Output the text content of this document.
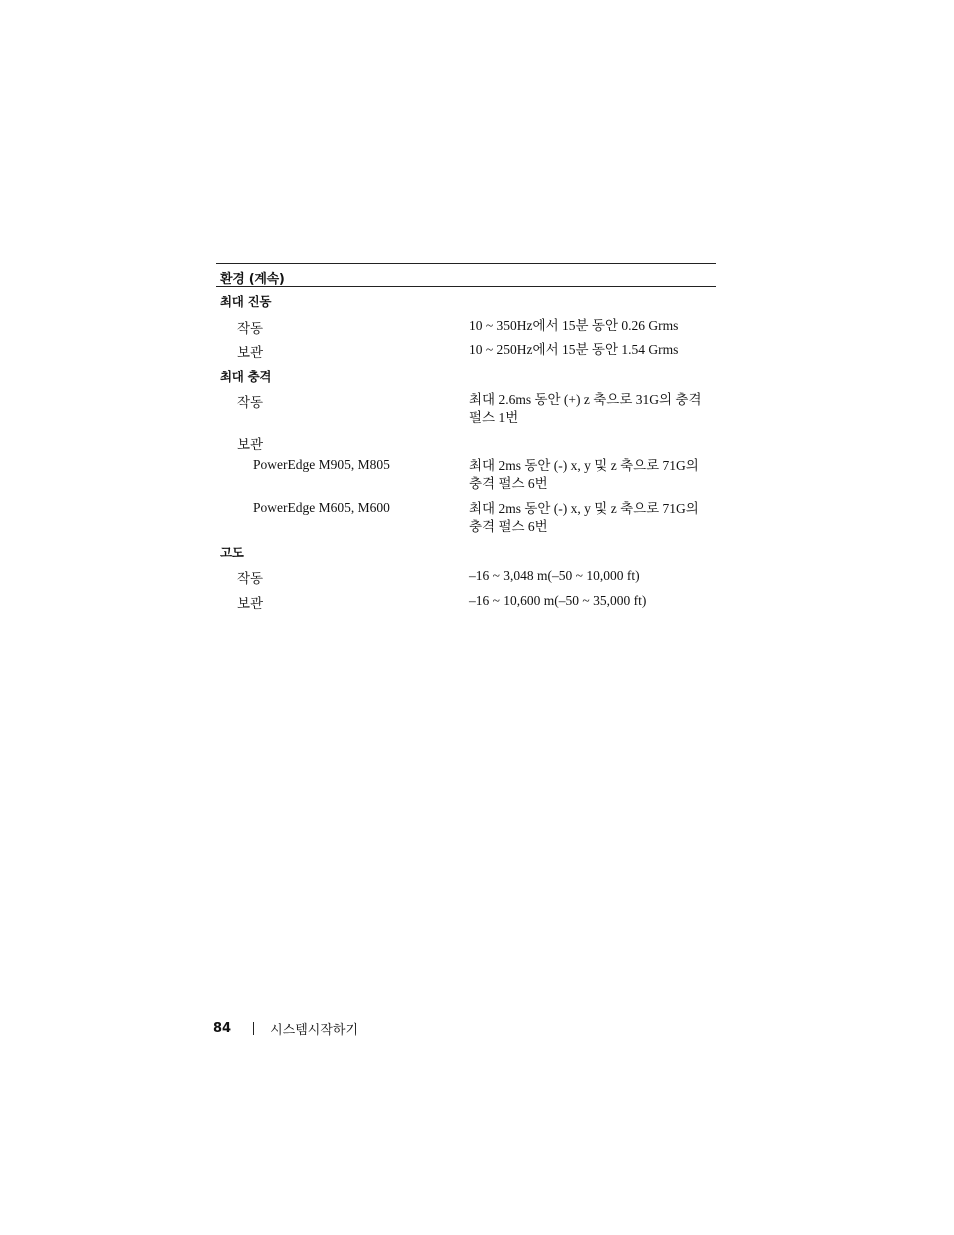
환경 (계속)
최대 진동
작동	10 ~ 350Hz에서 15분 동안 0.26 Grms
보관	10 ~ 250Hz에서 15분 동안 1.54 Grms
최대 충격
작동	최대 2.6ms 동안 (+) z 축으로 31G의 충격 펄스 1번
보관
PowerEdge M905, M805	최대 2ms 동안 (-) x, y 및 z 축으로 71G의 충격 펄스 6번
PowerEdge M605, M600	최대 2ms 동안 (-) x, y 및 z 축으로 71G의 충격 펄스 6번
고도
작동	–16 ~ 3,048 m(–50 ~ 10,000 ft)
보관	–16 ~ 10,600 m(–50 ~ 35,000 ft)
84	시스템시작하기
